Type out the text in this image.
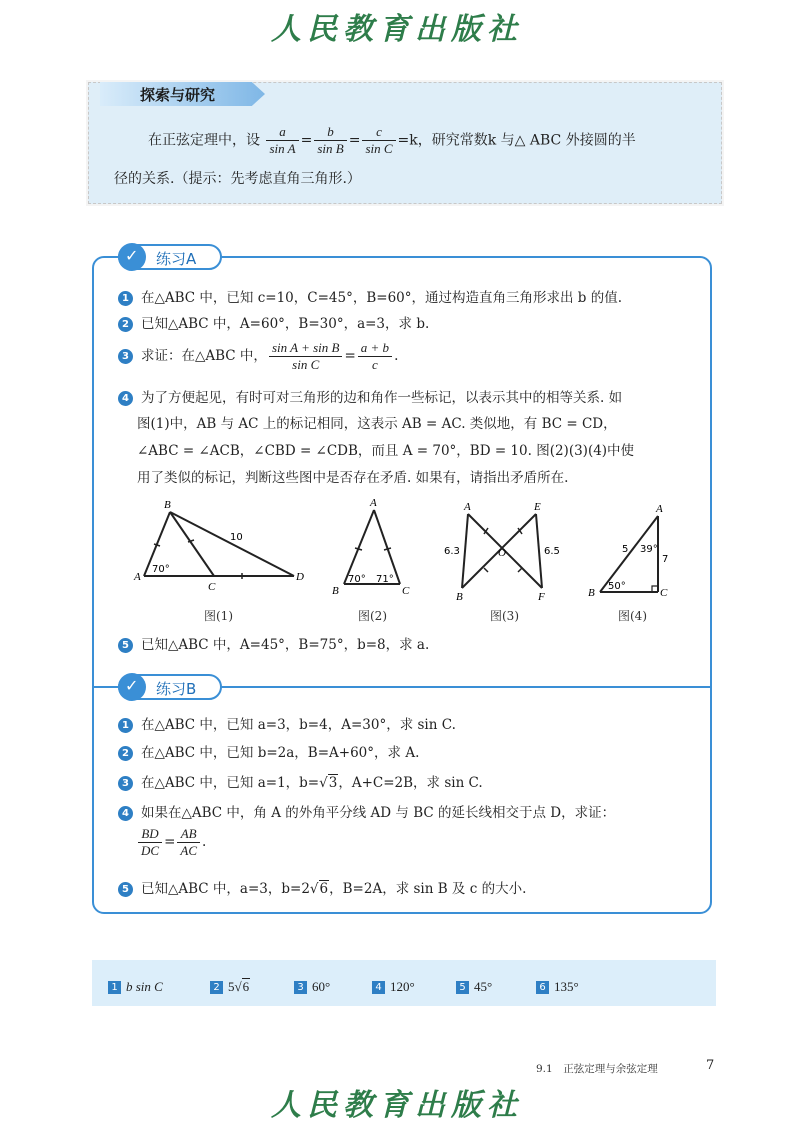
人民教育出版社
探索与研究
在正弦定理中，设 $\frac{a}{\text{sin A}} = \frac{b}{\text{sin B}} = \frac{c}{\text{sin C}} =k$，研究常数k 与△ ABC 外接圆的半
径的关系.（提示：先考虑直角三角形.）
✓ 练习A
1 在△ABC 中，已知 c=10，C=45°，B=60°，通过构造直角三角形求出 b 的值.
2 已知△ABC 中，A=60°，B=30°，a=3，求 b.
3 求证：在△ABC 中， $\frac{\text{sin A + sin B}}{\text{sin C}} = \frac{a + b}{c}$ .
4 为了方便起见，有时可对三角形的边和角作一些标记，以表示其中的相等关系. 如
图(1)中，AB 与 AC 上的标记相同，这表示 AB = AC. 类似地，有 BC = CD，
∠ABC = ∠ACB，∠CBD = ∠CDB，而且 A = 70°，BD = 10. 图(2)(3)(4)中使
用了类似的标记，判断这些图中是否存在矛盾. 如果有，请指出矛盾所在.
B
A
C
D
70°
10
图(1)
A
B	C
70° 71°
图(2)
A	E
B	F
O
6.3	6.5
图(3)
A
B	C
5 39°
7
50°
图(4)
5 已知△ABC 中，A=45°，B=75°，b=8，求 a.
✓ 练习B
1 在△ABC 中，已知 a=3，b=4，A=30°，求 sin C.
2 在△ABC 中，已知 b=2a，B=A+60°，求 A.
3 在△ABC 中，已知 a=1，b=√3，A+C=2B，求 sin C.
4 如果在△ABC 中，角 A 的外角平分线 AD 与 BC 的延长线相交于点 D，求证：
$\frac{BD}{DC} = \frac{AB}{AC}$ .
5 已知△ABC 中，a=3，b=2√6，B=2A，求 sin B 及 c 的大小.
1 b sin C	2 5√6	3 60°	4 120°	5 45°	6 135°
9.1　正弦定理与余弦定理	7
人民教育出版社
